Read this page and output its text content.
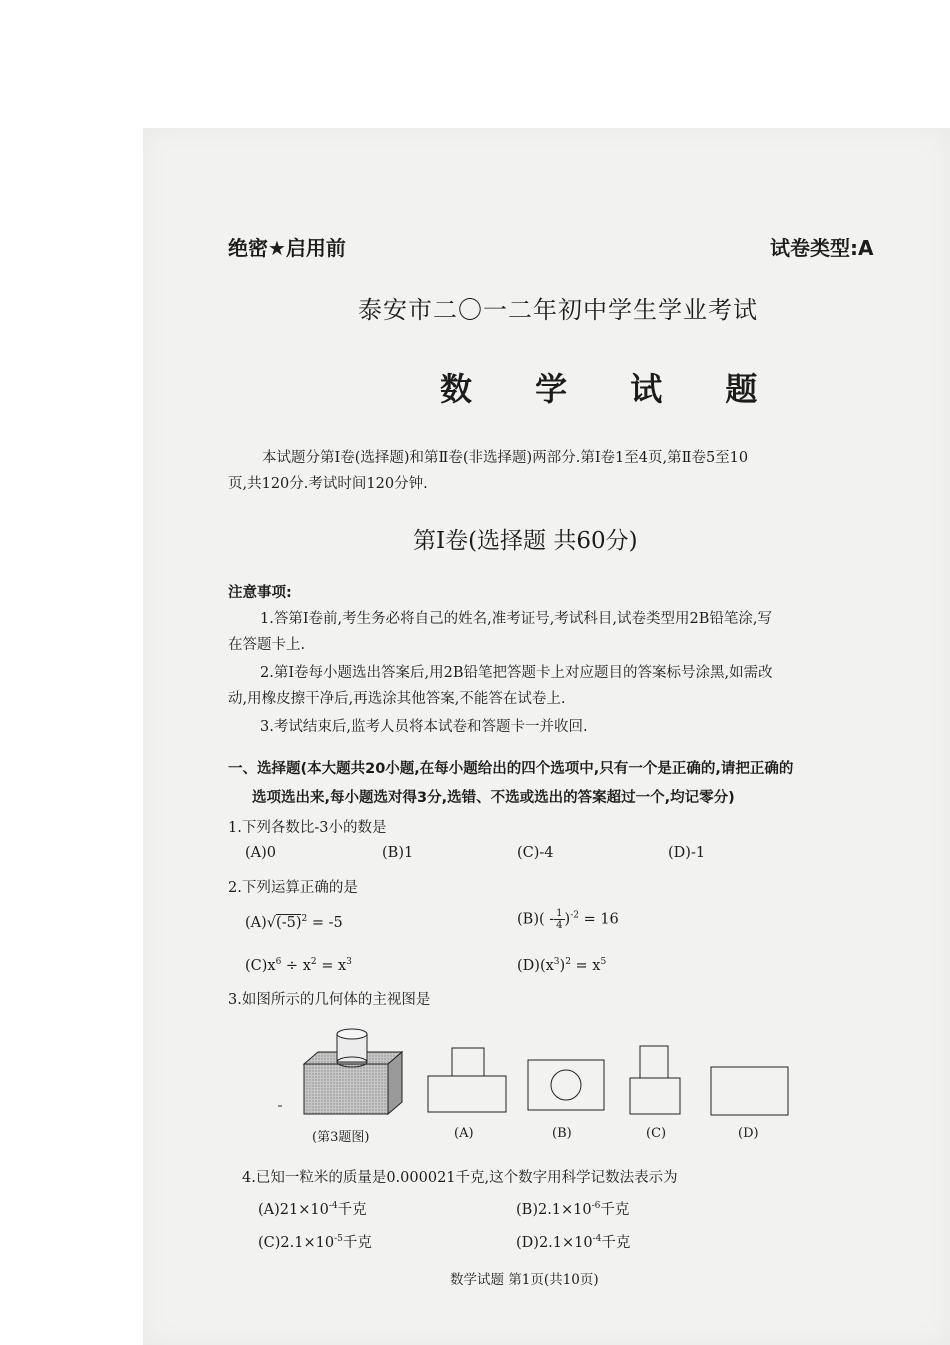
绝密★启用前	试卷类型:A
泰安市二〇一二年初中学生学业考试
数 学 试 题
本试题分第Ⅰ卷(选择题)和第Ⅱ卷(非选择题)两部分.第Ⅰ卷1至4页,第Ⅱ卷5至10
页,共120分.考试时间120分钟.
第Ⅰ卷(选择题 共60分)
注意事项:
1.答第Ⅰ卷前,考生务必将自己的姓名,准考证号,考试科目,试卷类型用2B铅笔涂,写
在答题卡上.
2.第Ⅰ卷每小题选出答案后,用2B铅笔把答题卡上对应题目的答案标号涂黑,如需改
动,用橡皮擦干净后,再选涂其他答案,不能答在试卷上.
3.考试结束后,监考人员将本试卷和答题卡一并收回.
一、选择题(本大题共20小题,在每小题给出的四个选项中,只有一个是正确的,请把正确的
选项选出来,每小题选对得3分,选错、不选或选出的答案超过一个,均记零分)
1.下列各数比-3小的数是
(A)0	(B)1	(C)-4	(D)-1
2.下列运算正确的是
$(A)√(-5)^2 = -5$	$(B)( - \frac{1}{4} )^{-2} = 16$
$(C)x^6 \div x^2 = x^3$	$(D)(x^3)^2 = x^5$
3.如图所示的几何体的主视图是
(第3题图)	(A)	(B)	(C)	(D)
4.已知一粒米的质量是0.000021千克,这个数字用科学记数法表示为
$(A)21\times 10^{-4}$千克	$(B)2.1\times 10^{-6}$千克
$(C)2.1\times 10^{-5}$千克	$(D)2.1\times 10^{-4}$千克
数学试题 第1页(共10页)
